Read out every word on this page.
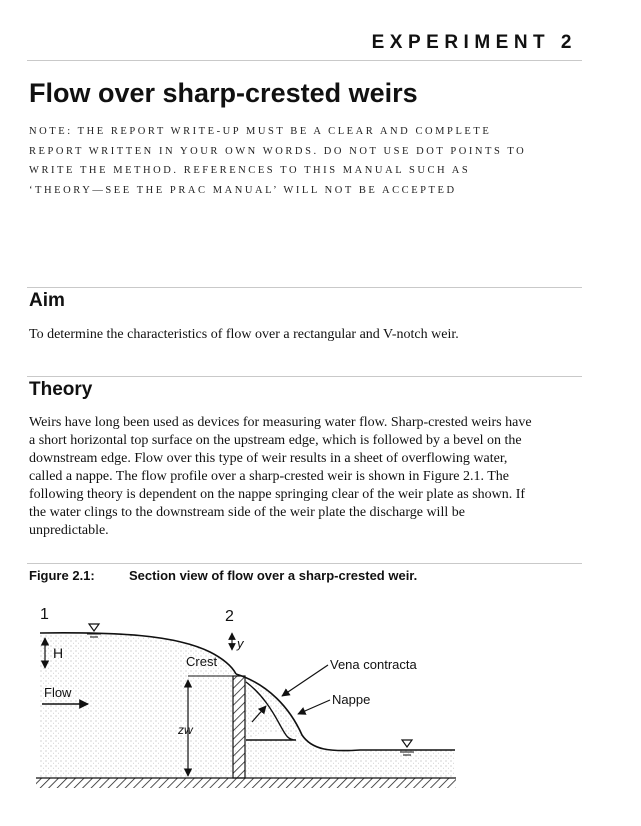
EXPERIMENT 2
Flow over sharp-crested weirs
NOTE: THE REPORT WRITE-UP MUST BE A CLEAR AND COMPLETE
REPORT WRITTEN IN YOUR OWN WORDS. DO NOT USE DOT POINTS TO
WRITE THE METHOD. REFERENCES TO THIS MANUAL SUCH AS
‘THEORY—SEE THE PRAC MANUAL’ WILL NOT BE ACCEPTED
Aim
To determine the characteristics of flow over a rectangular and V-notch weir.
Theory
Weirs have long been used as devices for measuring water flow. Sharp-crested weirs have
a short horizontal top surface on the upstream edge, which is followed by a bevel on the
downstream edge. Flow over this type of weir results in a sheet of overflowing water,
called a nappe. The flow profile over a sharp-crested weir is shown in Figure 2.1. The
following theory is dependent on the nappe springing clear of the weir plate as shown. If
the water clings to the downstream side of the weir plate the discharge will be
unpredictable.
Figure 2.1:	Section view of flow over a sharp-crested weir.
H
1	2
y
Crest
zw
Flow
Vena contracta
Nappe
